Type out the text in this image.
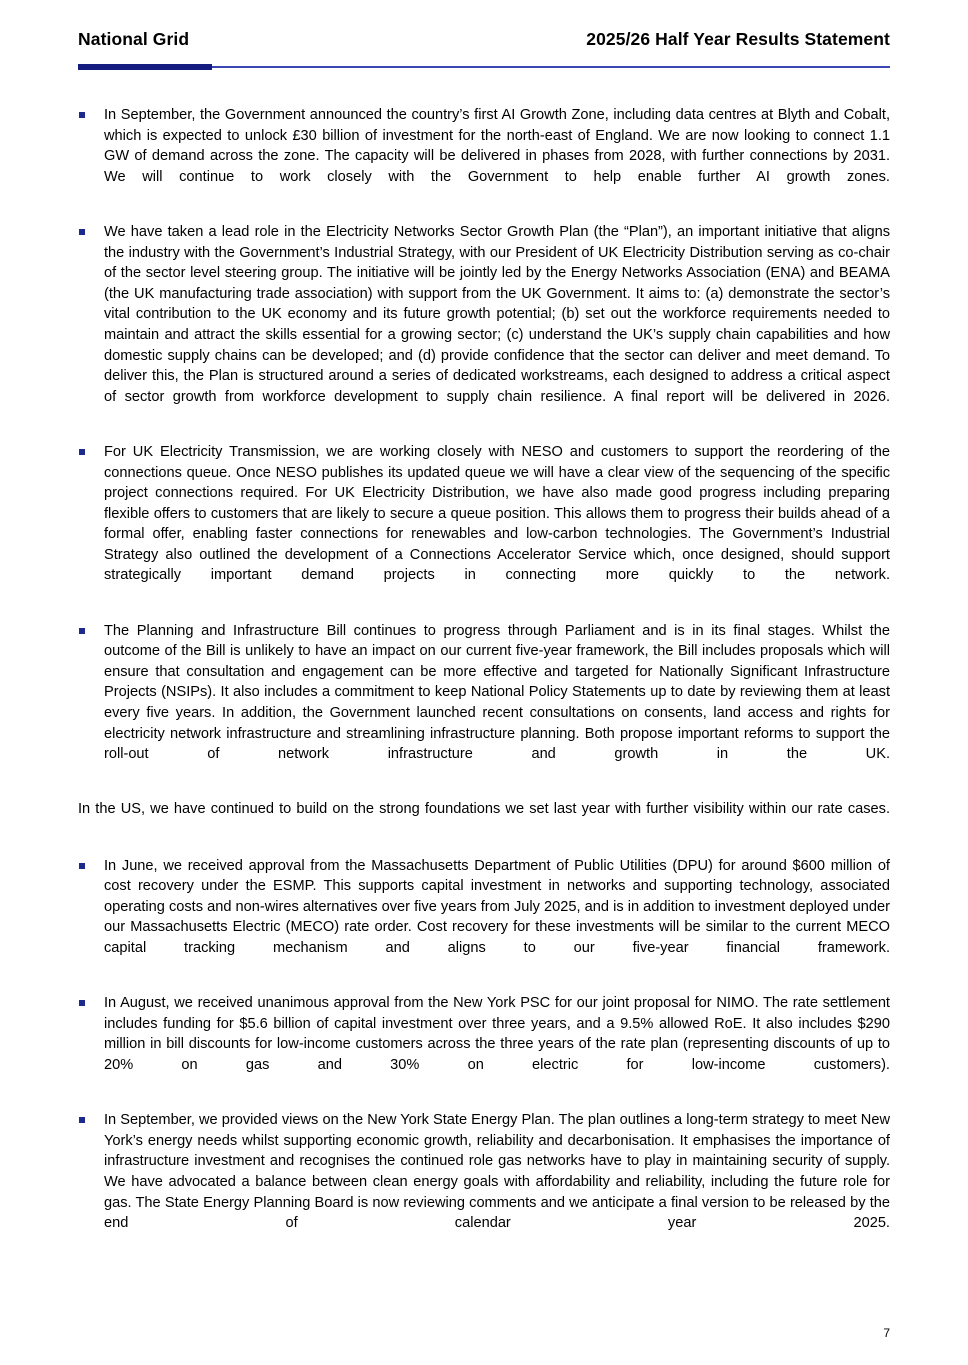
National Grid	2025/26 Half Year Results Statement
In September, the Government announced the country’s first AI Growth Zone, including data centres at Blyth and Cobalt, which is expected to unlock £30 billion of investment for the north-east of England. We are now looking to connect 1.1 GW of demand across the zone. The capacity will be delivered in phases from 2028, with further connections by 2031. We will continue to work closely with the Government to help enable further AI growth zones.
We have taken a lead role in the Electricity Networks Sector Growth Plan (the “Plan”), an important initiative that aligns the industry with the Government’s Industrial Strategy, with our President of UK Electricity Distribution serving as co-chair of the sector level steering group. The initiative will be jointly led by the Energy Networks Association (ENA) and BEAMA (the UK manufacturing trade association) with support from the UK Government. It aims to: (a) demonstrate the sector’s vital contribution to the UK economy and its future growth potential; (b) set out the workforce requirements needed to maintain and attract the skills essential for a growing sector; (c) understand the UK’s supply chain capabilities and how domestic supply chains can be developed; and (d) provide confidence that the sector can deliver and meet demand. To deliver this, the Plan is structured around a series of dedicated workstreams, each designed to address a critical aspect of sector growth from workforce development to supply chain resilience. A final report will be delivered in 2026.
For UK Electricity Transmission, we are working closely with NESO and customers to support the reordering of the connections queue. Once NESO publishes its updated queue we will have a clear view of the sequencing of the specific project connections required. For UK Electricity Distribution, we have also made good progress including preparing flexible offers to customers that are likely to secure a queue position. This allows them to progress their builds ahead of a formal offer, enabling faster connections for renewables and low-carbon technologies. The Government’s Industrial Strategy also outlined the development of a Connections Accelerator Service which, once designed, should support strategically important demand projects in connecting more quickly to the network.
The Planning and Infrastructure Bill continues to progress through Parliament and is in its final stages. Whilst the outcome of the Bill is unlikely to have an impact on our current five-year framework, the Bill includes proposals which will ensure that consultation and engagement can be more effective and targeted for Nationally Significant Infrastructure Projects (NSIPs). It also includes a commitment to keep National Policy Statements up to date by reviewing them at least every five years. In addition, the Government launched recent consultations on consents, land access and rights for electricity network infrastructure and streamlining infrastructure planning. Both propose important reforms to support the roll-out of network infrastructure and growth in the UK.
In the US, we have continued to build on the strong foundations we set last year with further visibility within our rate cases.
In June, we received approval from the Massachusetts Department of Public Utilities (DPU) for around $600 million of cost recovery under the ESMP. This supports capital investment in networks and supporting technology, associated operating costs and non-wires alternatives over five years from July 2025, and is in addition to investment deployed under our Massachusetts Electric (MECO) rate order. Cost recovery for these investments will be similar to the current MECO capital tracking mechanism and aligns to our five-year financial framework.
In August, we received unanimous approval from the New York PSC for our joint proposal for NIMO. The rate settlement includes funding for $5.6 billion of capital investment over three years, and a 9.5% allowed RoE. It also includes $290 million in bill discounts for low-income customers across the three years of the rate plan (representing discounts of up to 20% on gas and 30% on electric for low-income customers).
In September, we provided views on the New York State Energy Plan. The plan outlines a long-term strategy to meet New York’s energy needs whilst supporting economic growth, reliability and decarbonisation. It emphasises the importance of infrastructure investment and recognises the continued role gas networks have to play in maintaining security of supply. We have advocated a balance between clean energy goals with affordability and reliability, including the future role for gas. The State Energy Planning Board is now reviewing comments and we anticipate a final version to be released by the end of calendar year 2025.
7
